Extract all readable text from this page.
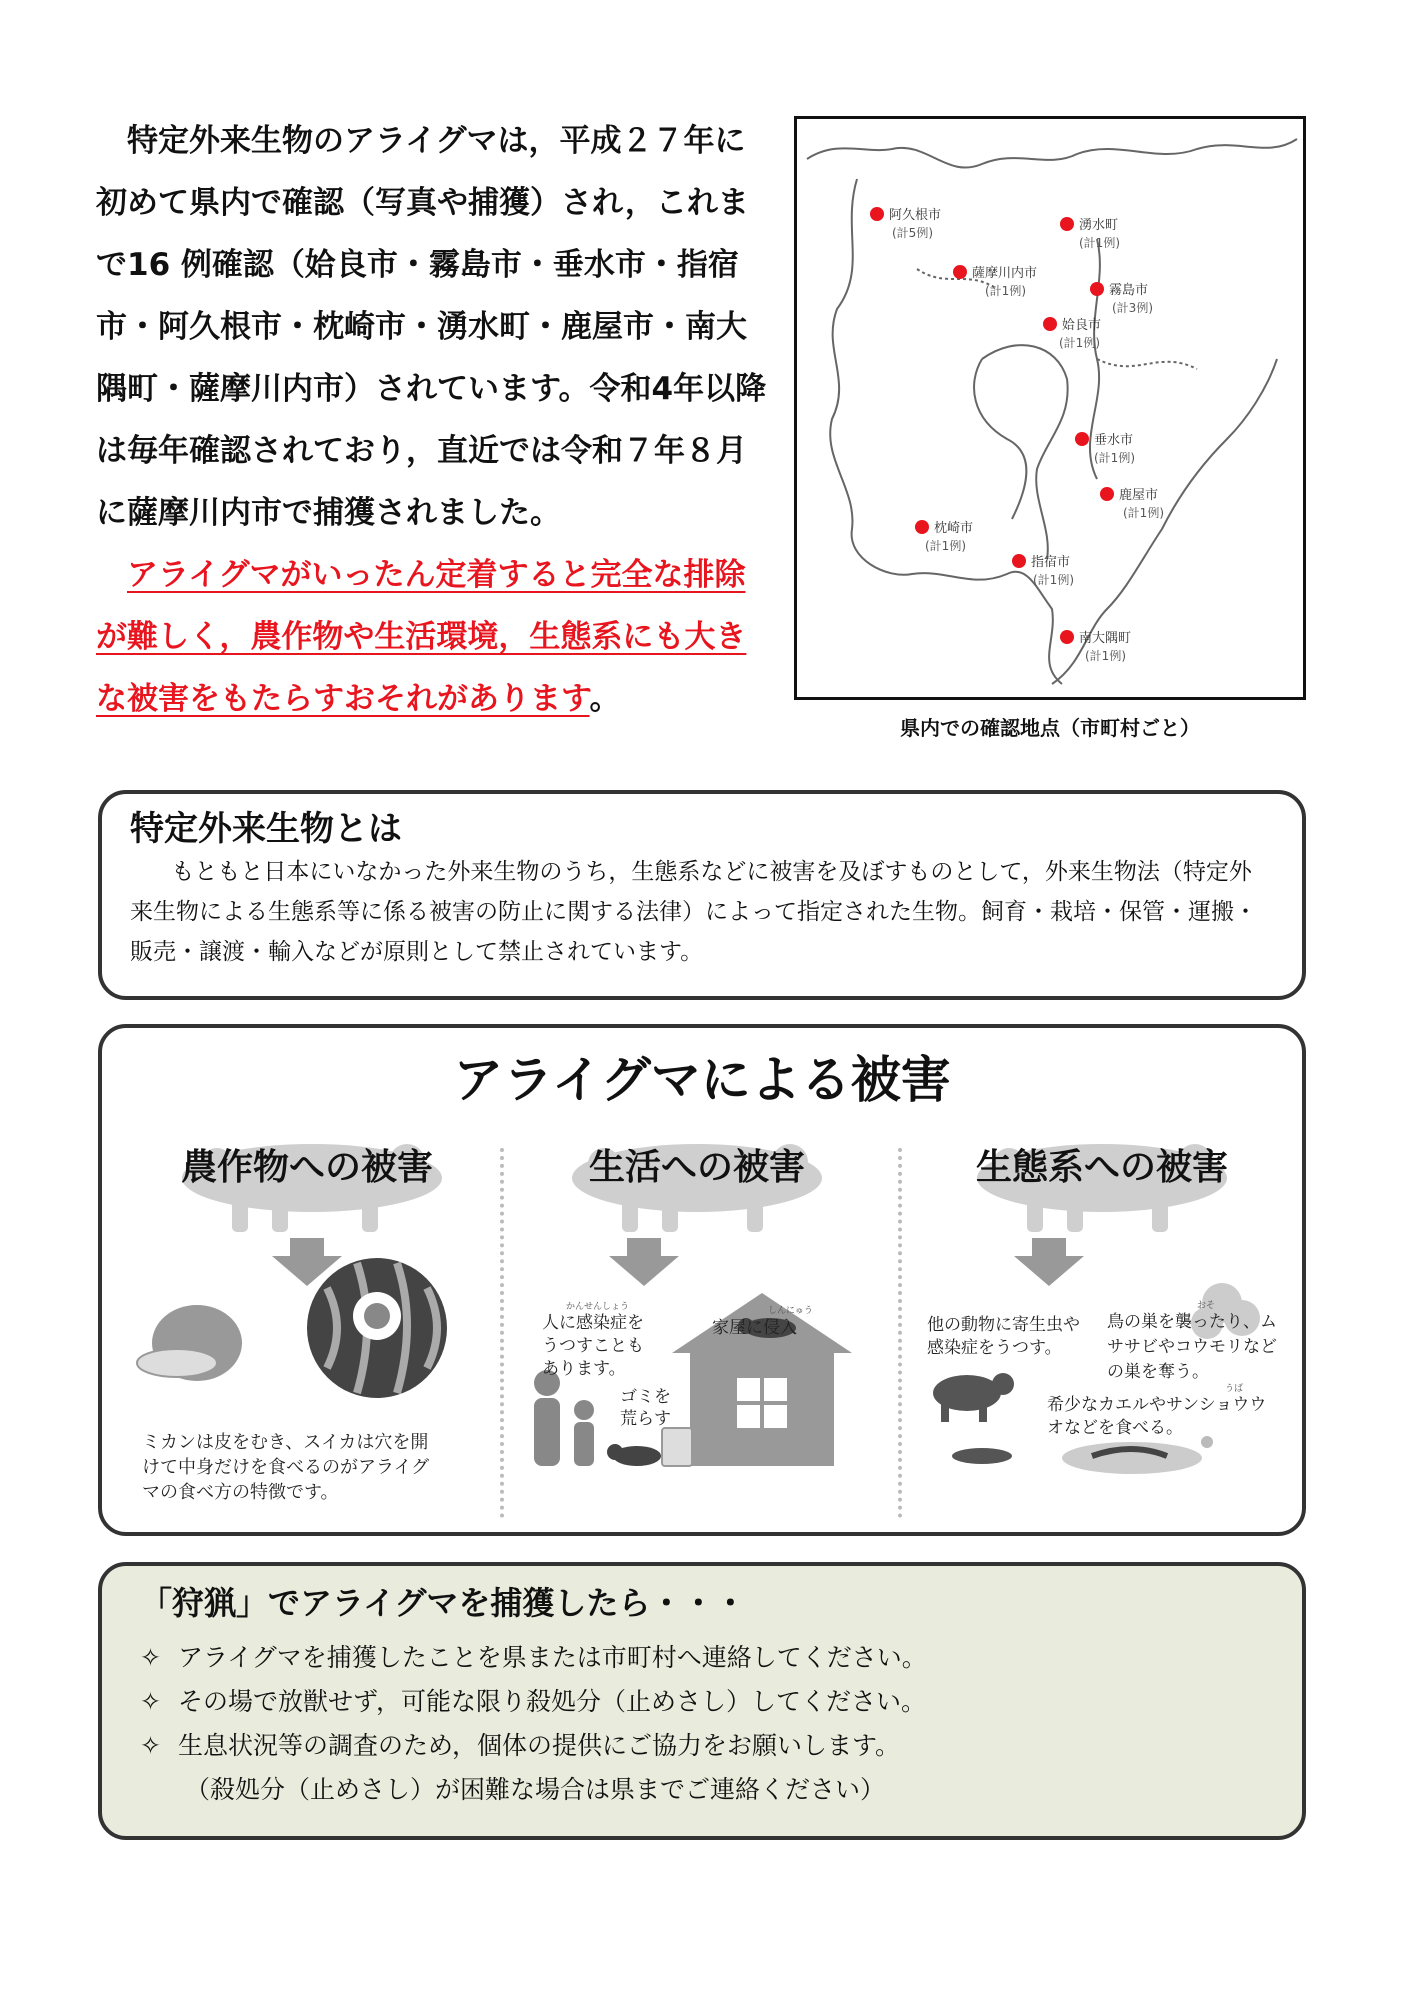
　特定外来生物のアライグマは，平成２７年に初めて県内で確認（写真や捕獲）され，これまで16 例確認（姶良市・霧島市・垂水市・指宿市・阿久根市・枕崎市・湧水町・鹿屋市・南大隅町・薩摩川内市）されています。令和4年以降は毎年確認されており，直近では令和７年８月に薩摩川内市で捕獲されました。

　アライグマがいったん定着すると完全な排除が難しく，農作物や生活環境，生態系にも大きな被害をもたらすおそれがあります。

阿久根市
(計5例)	湧水町
(計1例)
薩摩川内市
(計1例)	霧島市
(計3例)
姶良市
(計1例)
垂水市
(計1例)
鹿屋市
(計1例)
枕崎市
(計1例)
指宿市
(計1例)
南大隅町
(計1例)
県内での確認地点（市町村ごと）
特定外来生物とは

もともと日本にいなかった外来生物のうち，生態系などに被害を及ぼすものとして，外来生物法（特定外来生物による生態系等に係る被害の防止に関する法律）によって指定された生物。飼育・栽培・保管・運搬・販売・譲渡・輸入などが原則として禁止されています。

アライグマによる被害
農作物への被害
ミカンは皮をむき、スイカは穴を開けて中身だけを食べるのがアライグマの食べ方の特徴です。
生活への被害
かんせんしょう
人に感染症をうつすこともあります。
しんにゅう
家屋に侵入
ゴミを荒らす
生態系への被害
他の動物に寄生虫や感染症をうつす。
おそ
鳥の巣を襲ったり、ムササビやコウモリなどの巣を奪う。
うば
希少なカエルやサンショウウオなどを食べる。
「狩猟」でアライグマを捕獲したら・・・
✧ アライグマを捕獲したことを県または市町村へ連絡してください。
✧ その場で放獣せず，可能な限り殺処分（止めさし）してください。
✧ 生息状況等の調査のため，個体の提供にご協力をお願いします。
（殺処分（止めさし）が困難な場合は県までご連絡ください）
